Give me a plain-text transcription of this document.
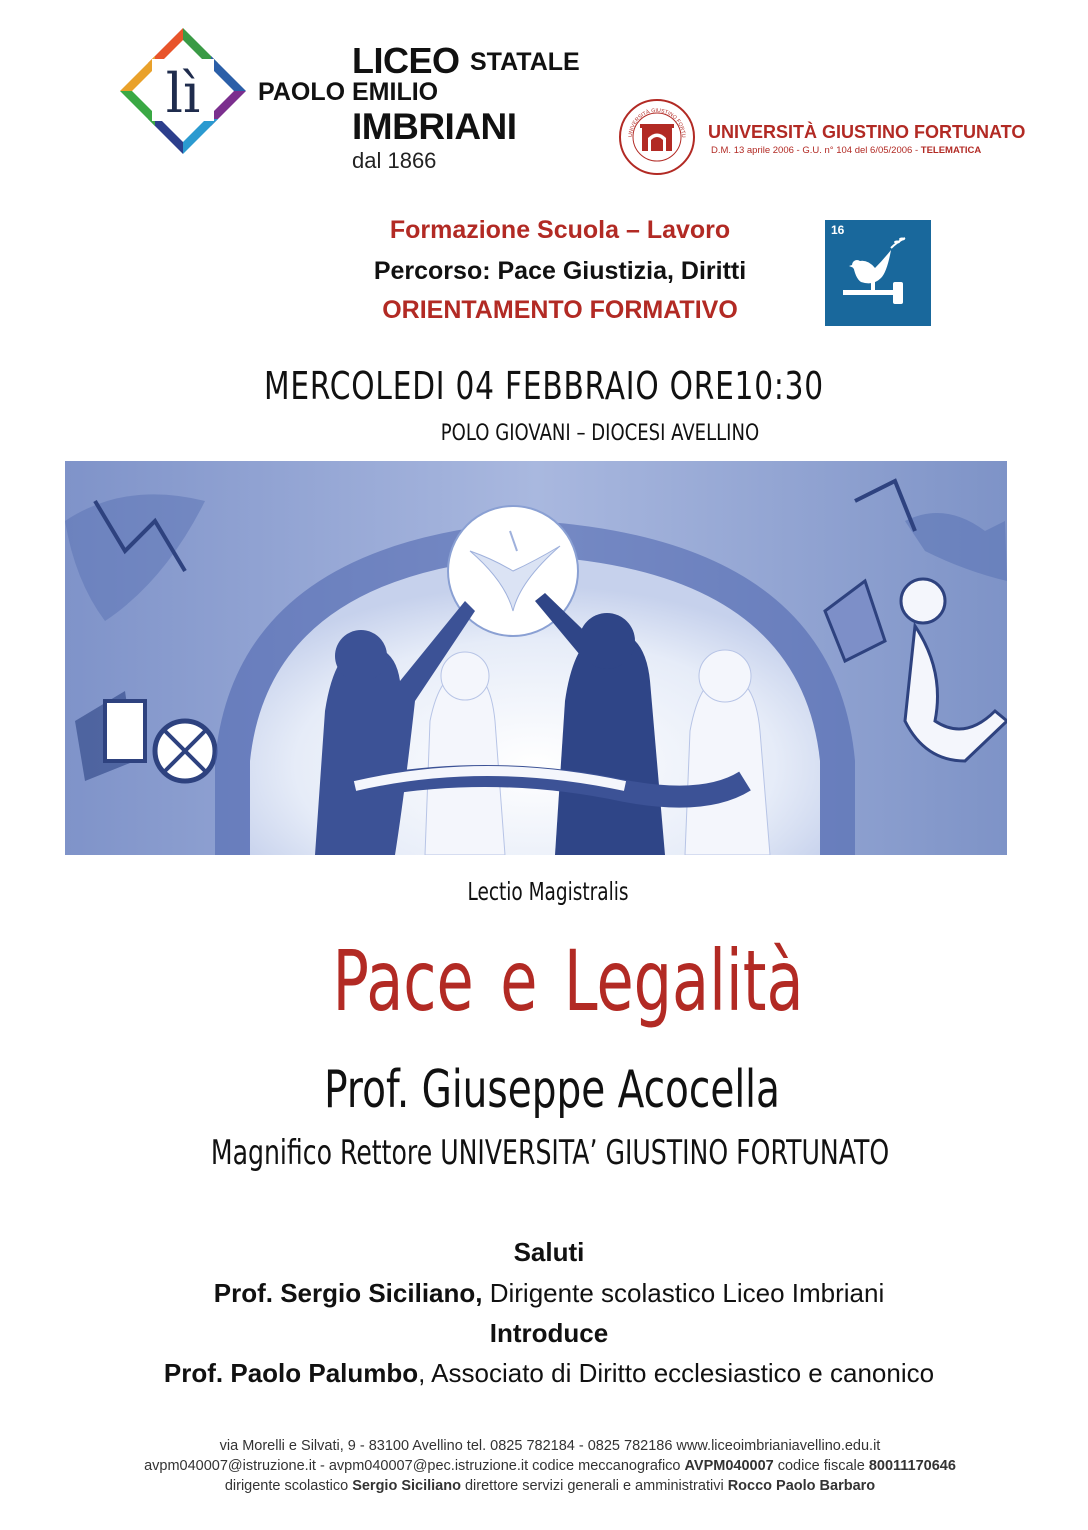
lì
LICEO STATALE
PAOLO EMILIO
IMBRIANI
dal 1866
UNIVERSITÀ GIUSTINO FORTU UNIVERSITÀ GIUSTINO FORTUNATO
D.M. 13 aprile 2006 - G.U. n° 104 del 6/05/2006 - TELEMATICA
Formazione Scuola – Lavoro
Percorso: Pace Giustizia, Diritti
ORIENTAMENTO FORMATIVO
16
MERCOLEDI 04 FEBBRAIO ORE10:30
POLO GIOVANI – DIOCESI AVELLINO
Lectio Magistralis
Pace e Legalità
Prof. Giuseppe Acocella
Magnifico Rettore UNIVERSITA’ GIUSTINO FORTUNATO
Saluti
Prof. Sergio Siciliano, Dirigente scolastico Liceo Imbriani
Introduce
Prof. Paolo Palumbo, Associato di Diritto ecclesiastico e canonico
via Morelli e Silvati, 9 - 83100 Avellino tel. 0825 782184 - 0825 782186 www.liceoimbrianiavellino.edu.it
avpm040007@istruzione.it - avpm040007@pec.istruzione.it codice meccanografico AVPM040007 codice fiscale 80011170646
dirigente scolastico Sergio Siciliano direttore servizi generali e amministrativi Rocco Paolo Barbaro
